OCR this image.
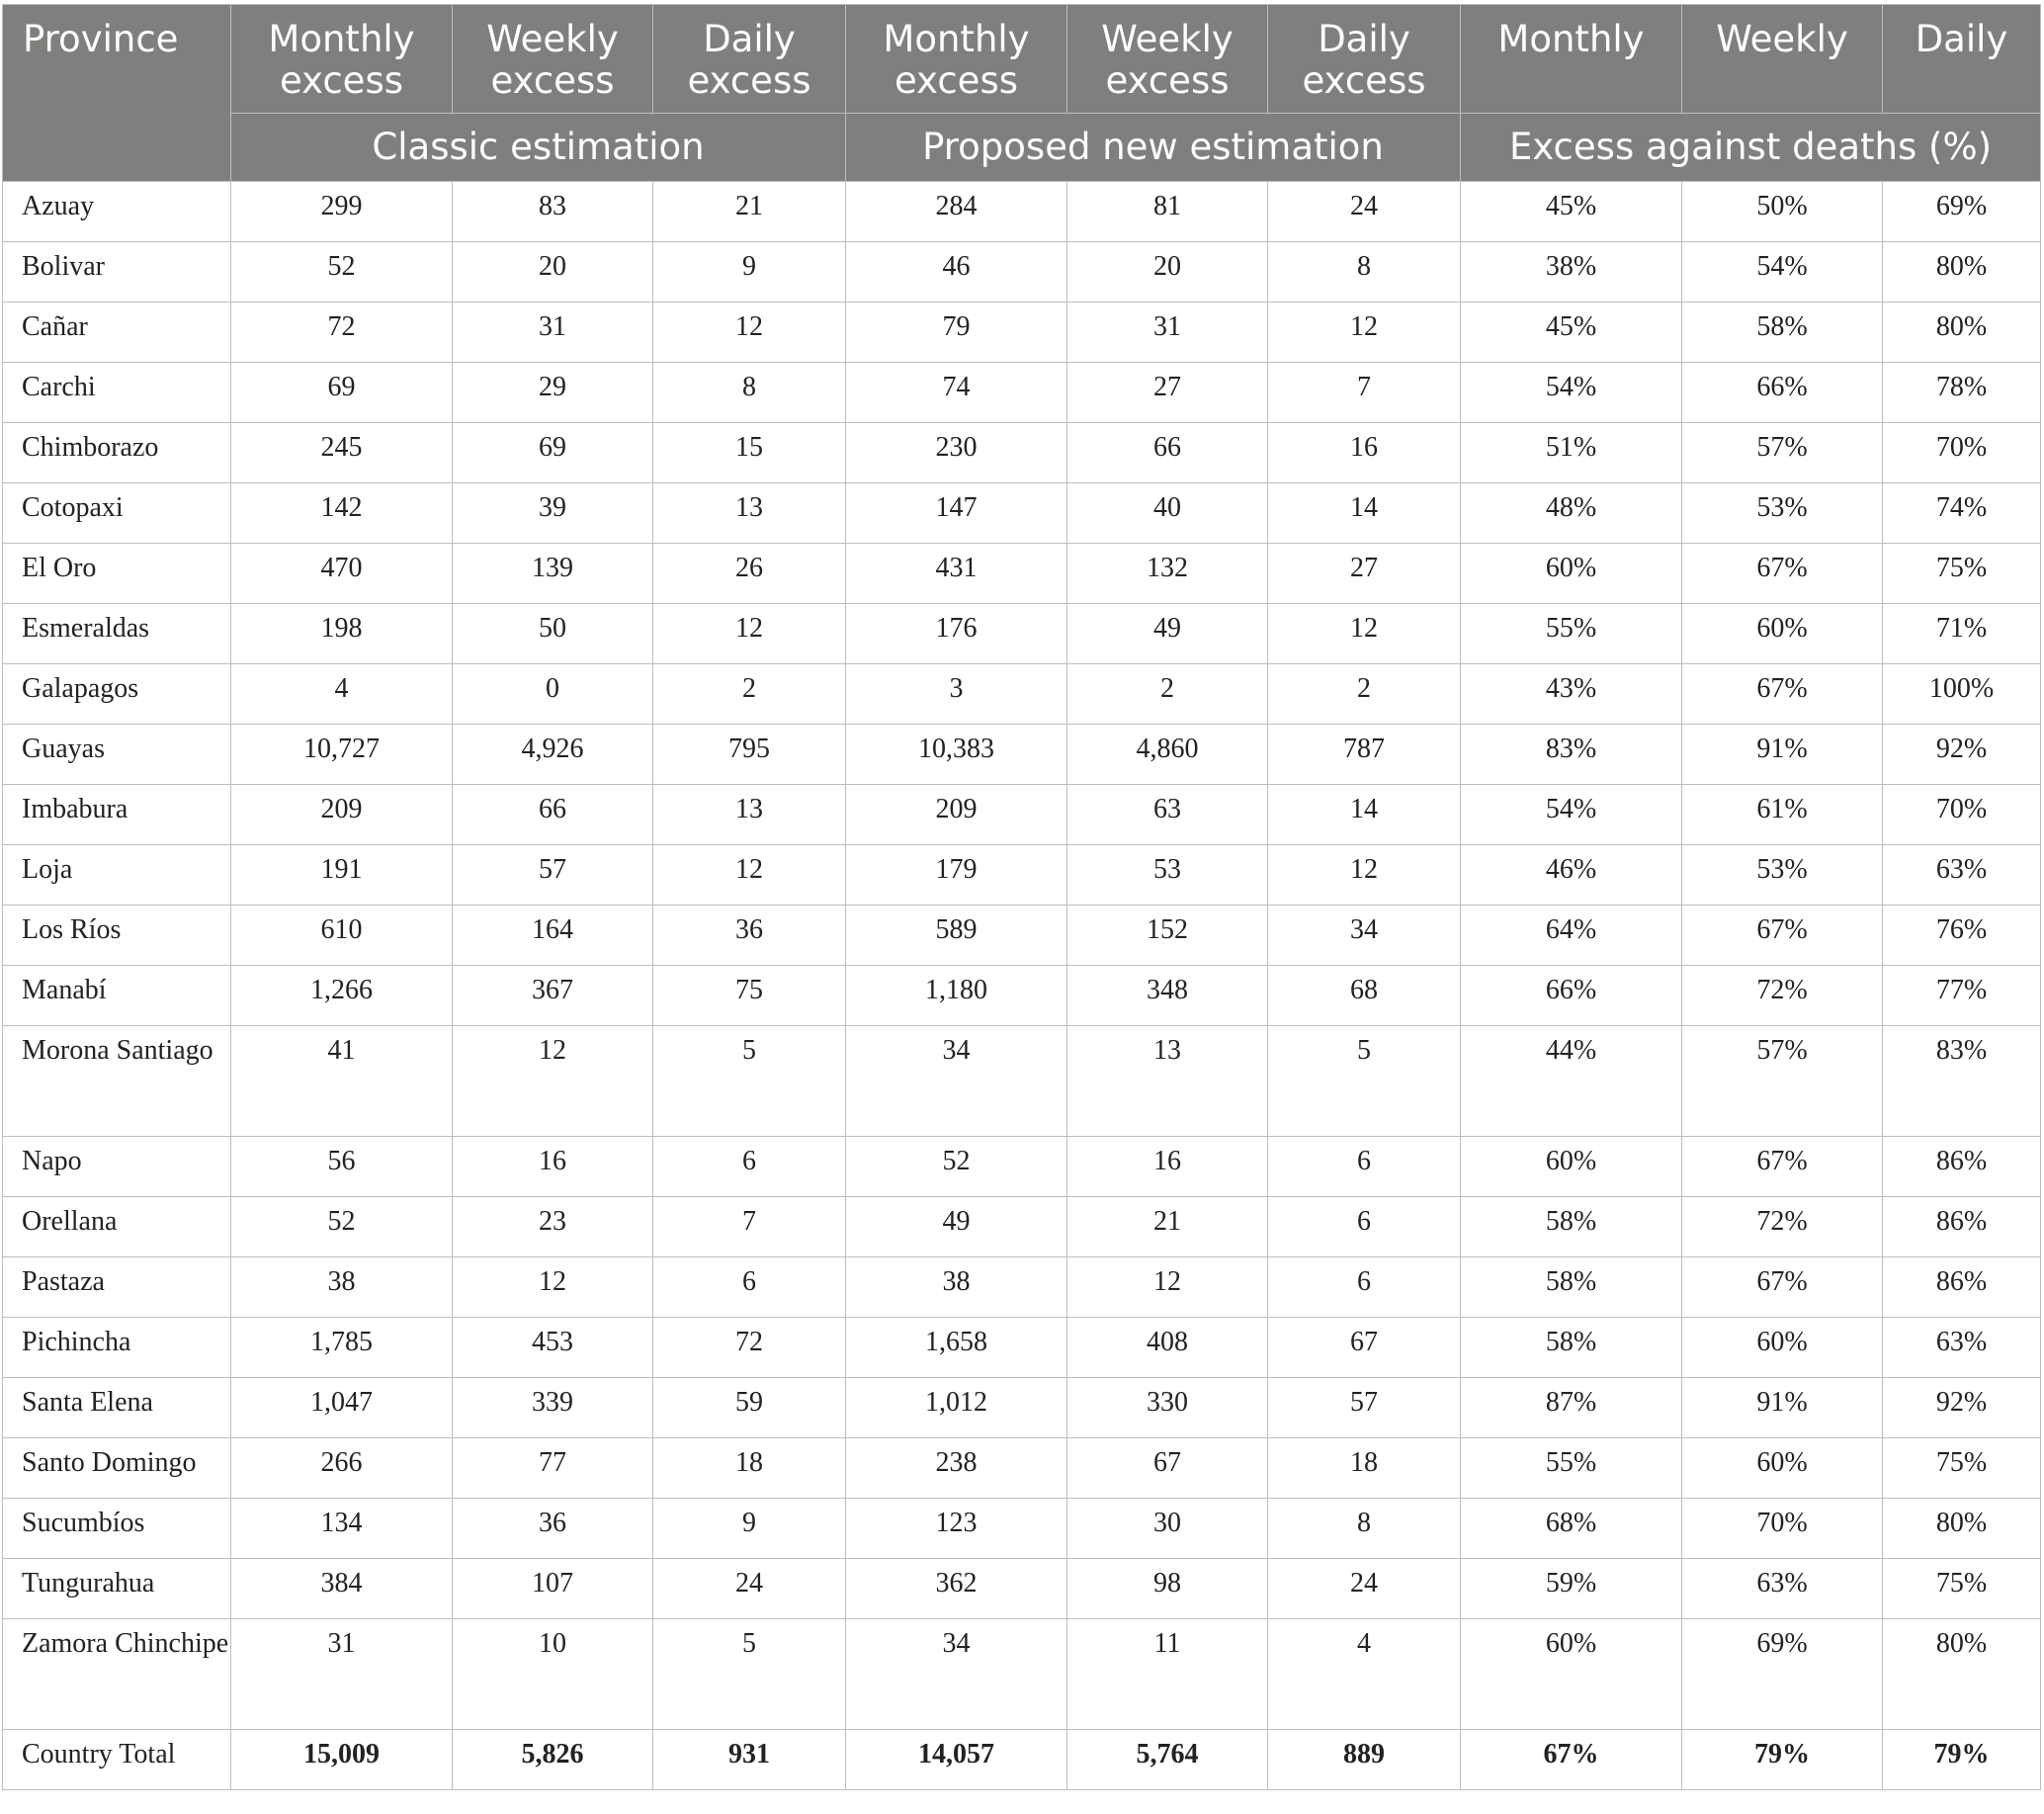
Province	Monthly excess	Weekly excess	Daily excess	Monthly excess	Weekly excess	Daily excess	Monthly	Weekly	Daily
	Classic estimation			Proposed new estimation			Excess against deaths (%)		
Azuay	299	83	21	284	81	24	45%	50%	69%
Bolivar	52	20	9	46	20	8	38%	54%	80%
Cañar	72	31	12	79	31	12	45%	58%	80%
Carchi	69	29	8	74	27	7	54%	66%	78%
Chimborazo	245	69	15	230	66	16	51%	57%	70%
Cotopaxi	142	39	13	147	40	14	48%	53%	74%
El Oro	470	139	26	431	132	27	60%	67%	75%
Esmeraldas	198	50	12	176	49	12	55%	60%	71%
Galapagos	4	0	2	3	2	2	43%	67%	100%
Guayas	10,727	4,926	795	10,383	4,860	787	83%	91%	92%
Imbabura	209	66	13	209	63	14	54%	61%	70%
Loja	191	57	12	179	53	12	46%	53%	63%
Los Ríos	610	164	36	589	152	34	64%	67%	76%
Manabí	1,266	367	75	1,180	348	68	66%	72%	77%
Morona Santiago	41	12	5	34	13	5	44%	57%	83%
Napo	56	16	6	52	16	6	60%	67%	86%
Orellana	52	23	7	49	21	6	58%	72%	86%
Pastaza	38	12	6	38	12	6	58%	67%	86%
Pichincha	1,785	453	72	1,658	408	67	58%	60%	63%
Santa Elena	1,047	339	59	1,012	330	57	87%	91%	92%
Santo Domingo	266	77	18	238	67	18	55%	60%	75%
Sucumbíos	134	36	9	123	30	8	68%	70%	80%
Tungurahua	384	107	24	362	98	24	59%	63%	75%
Zamora Chinchipe	31	10	5	34	11	4	60%	69%	80%
Country Total	15,009	5,826	931	14,057	5,764	889	67%	79%	79%
